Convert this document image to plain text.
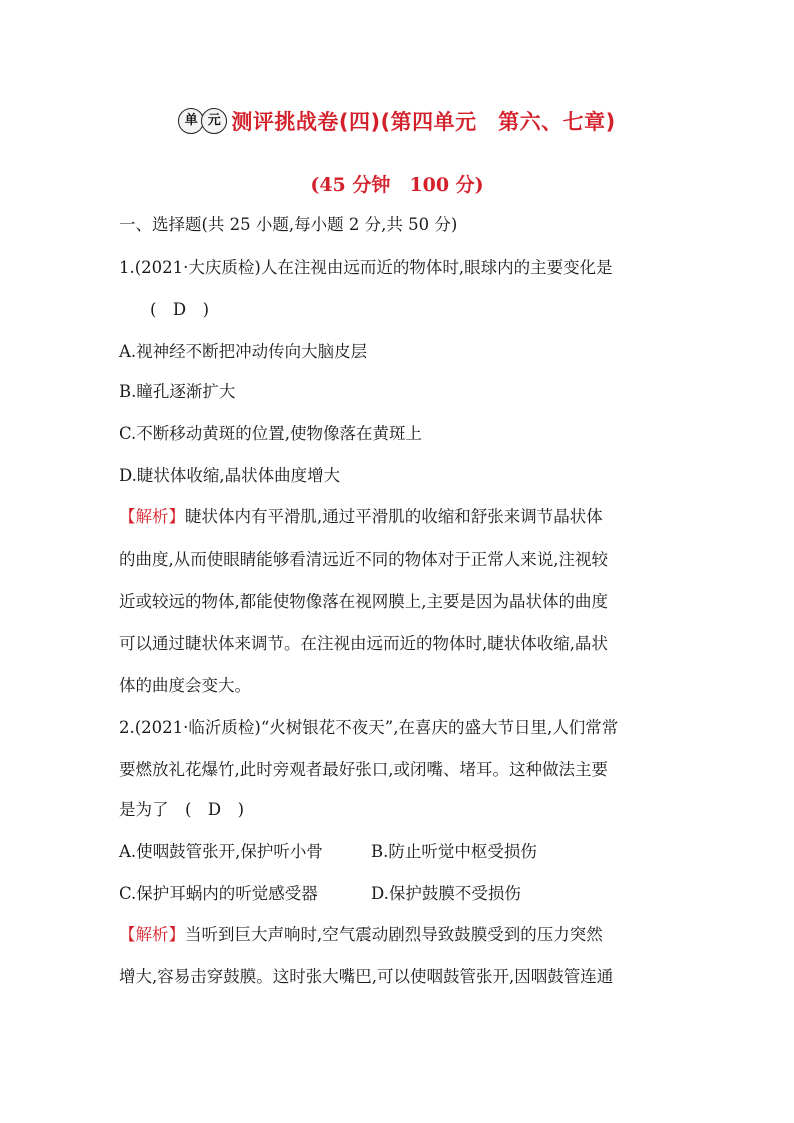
单 元 测评挑战卷(四)(第四单元　第六、七章)
(45 分钟　100 分)
一、选择题(共 25 小题,每小题 2 分,共 50 分)
1.(2021·大庆质检)人在注视由远而近的物体时,眼球内的主要变化是
(　D　)
A.视神经不断把冲动传向大脑皮层
B.瞳孔逐渐扩大
C.不断移动黄斑的位置,使物像落在黄斑上
D.睫状体收缩,晶状体曲度增大
【解析】睫状体内有平滑肌,通过平滑肌的收缩和舒张来调节晶状体
的曲度,从而使眼睛能够看清远近不同的物体对于正常人来说,注视较
近或较远的物体,都能使物像落在视网膜上,主要是因为晶状体的曲度
可以通过睫状体来调节。在注视由远而近的物体时,睫状体收缩,晶状
体的曲度会变大。
2.(2021·临沂质检)“火树银花不夜天”,在喜庆的盛大节日里,人们常常
要燃放礼花爆竹,此时旁观者最好张口,或闭嘴、堵耳。这种做法主要
是为了　(　D　)
A.使咽鼓管张开,保护听小骨	B.防止听觉中枢受损伤
C.保护耳蜗内的听觉感受器	D.保护鼓膜不受损伤
【解析】当听到巨大声响时,空气震动剧烈导致鼓膜受到的压力突然
增大,容易击穿鼓膜。这时张大嘴巴,可以使咽鼓管张开,因咽鼓管连通
